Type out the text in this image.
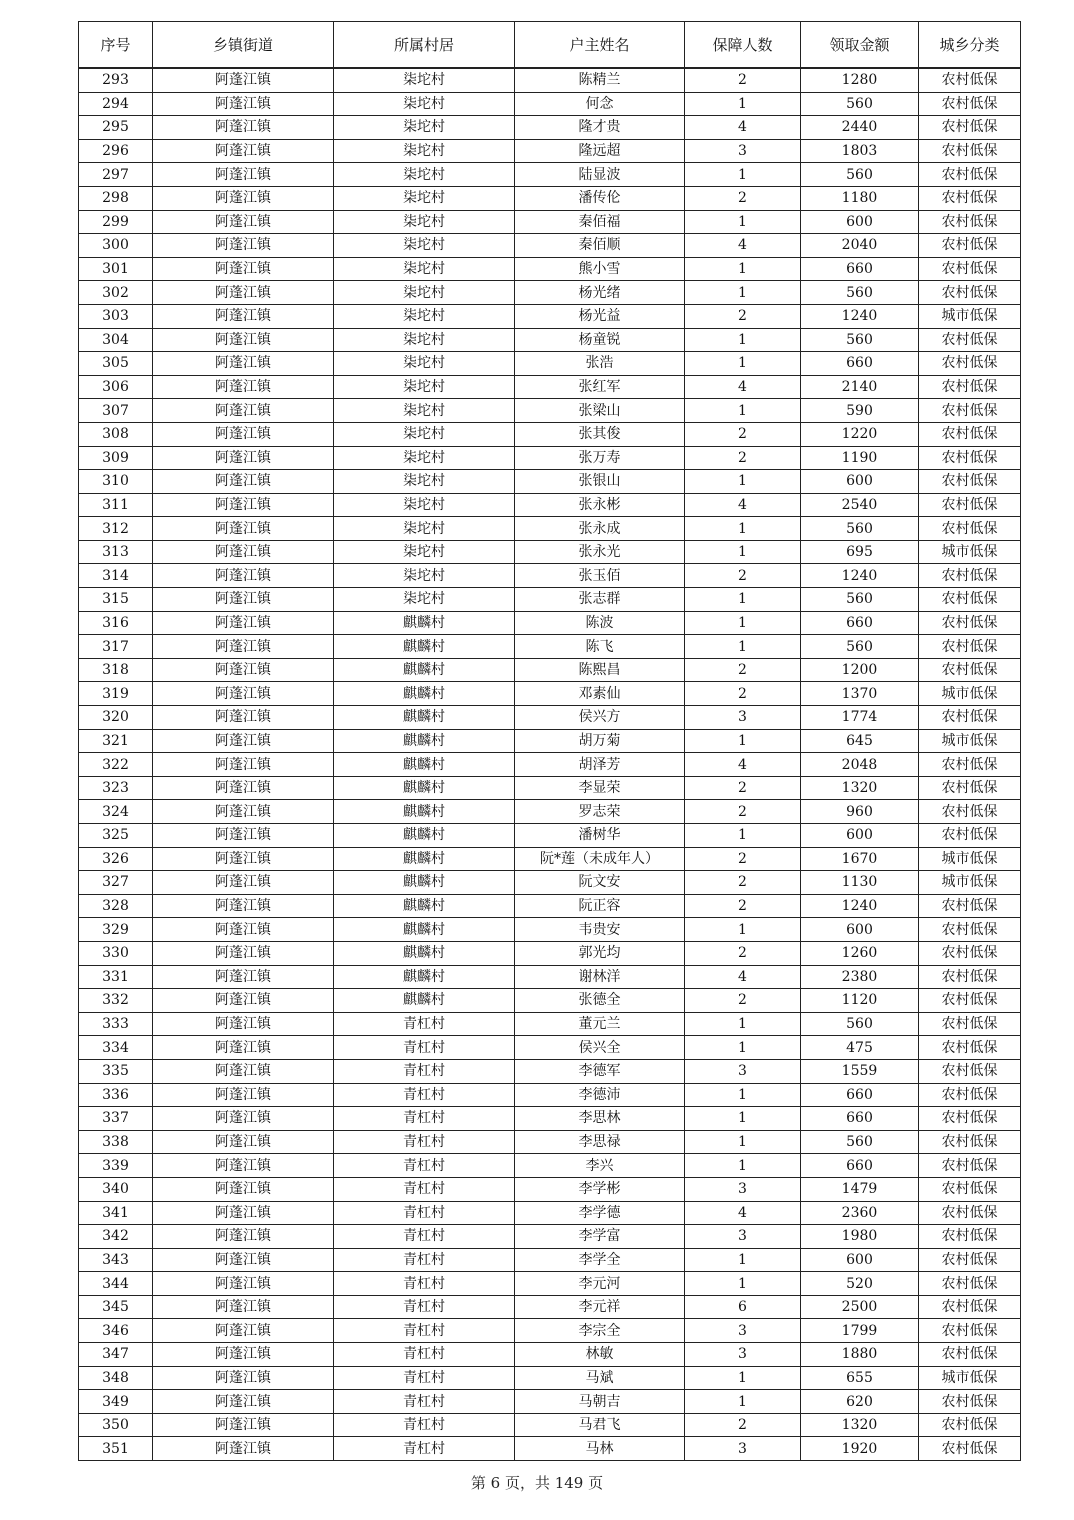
序号	乡镇街道	所属村居	户主姓名	保障人数	领取金额	城乡分类
293	阿蓬江镇	柒坨村	陈精兰	2	1280	农村低保
294	阿蓬江镇	柒坨村	何念	1	560	农村低保
295	阿蓬江镇	柒坨村	隆才贵	4	2440	农村低保
296	阿蓬江镇	柒坨村	隆远超	3	1803	农村低保
297	阿蓬江镇	柒坨村	陆显波	1	560	农村低保
298	阿蓬江镇	柒坨村	潘传伦	2	1180	农村低保
299	阿蓬江镇	柒坨村	秦佰福	1	600	农村低保
300	阿蓬江镇	柒坨村	秦佰顺	4	2040	农村低保
301	阿蓬江镇	柒坨村	熊小雪	1	660	农村低保
302	阿蓬江镇	柒坨村	杨光绪	1	560	农村低保
303	阿蓬江镇	柒坨村	杨光益	2	1240	城市低保
304	阿蓬江镇	柒坨村	杨童锐	1	560	农村低保
305	阿蓬江镇	柒坨村	张浩	1	660	农村低保
306	阿蓬江镇	柒坨村	张红军	4	2140	农村低保
307	阿蓬江镇	柒坨村	张梁山	1	590	农村低保
308	阿蓬江镇	柒坨村	张其俊	2	1220	农村低保
309	阿蓬江镇	柒坨村	张万寿	2	1190	农村低保
310	阿蓬江镇	柒坨村	张银山	1	600	农村低保
311	阿蓬江镇	柒坨村	张永彬	4	2540	农村低保
312	阿蓬江镇	柒坨村	张永成	1	560	农村低保
313	阿蓬江镇	柒坨村	张永光	1	695	城市低保
314	阿蓬江镇	柒坨村	张玉佰	2	1240	农村低保
315	阿蓬江镇	柒坨村	张志群	1	560	农村低保
316	阿蓬江镇	麒麟村	陈波	1	660	农村低保
317	阿蓬江镇	麒麟村	陈飞	1	560	农村低保
318	阿蓬江镇	麒麟村	陈熙昌	2	1200	农村低保
319	阿蓬江镇	麒麟村	邓素仙	2	1370	城市低保
320	阿蓬江镇	麒麟村	侯兴方	3	1774	农村低保
321	阿蓬江镇	麒麟村	胡万菊	1	645	城市低保
322	阿蓬江镇	麒麟村	胡泽芳	4	2048	农村低保
323	阿蓬江镇	麒麟村	李显荣	2	1320	农村低保
324	阿蓬江镇	麒麟村	罗志荣	2	960	农村低保
325	阿蓬江镇	麒麟村	潘树华	1	600	农村低保
326	阿蓬江镇	麒麟村	阮*莲（未成年人）	2	1670	城市低保
327	阿蓬江镇	麒麟村	阮文安	2	1130	城市低保
328	阿蓬江镇	麒麟村	阮正容	2	1240	农村低保
329	阿蓬江镇	麒麟村	韦贵安	1	600	农村低保
330	阿蓬江镇	麒麟村	郭光均	2	1260	农村低保
331	阿蓬江镇	麒麟村	谢林洋	4	2380	农村低保
332	阿蓬江镇	麒麟村	张德全	2	1120	农村低保
333	阿蓬江镇	青杠村	董元兰	1	560	农村低保
334	阿蓬江镇	青杠村	侯兴全	1	475	农村低保
335	阿蓬江镇	青杠村	李德军	3	1559	农村低保
336	阿蓬江镇	青杠村	李德沛	1	660	农村低保
337	阿蓬江镇	青杠村	李思林	1	660	农村低保
338	阿蓬江镇	青杠村	李思禄	1	560	农村低保
339	阿蓬江镇	青杠村	李兴	1	660	农村低保
340	阿蓬江镇	青杠村	李学彬	3	1479	农村低保
341	阿蓬江镇	青杠村	李学德	4	2360	农村低保
342	阿蓬江镇	青杠村	李学富	3	1980	农村低保
343	阿蓬江镇	青杠村	李学全	1	600	农村低保
344	阿蓬江镇	青杠村	李元河	1	520	农村低保
345	阿蓬江镇	青杠村	李元祥	6	2500	农村低保
346	阿蓬江镇	青杠村	李宗全	3	1799	农村低保
347	阿蓬江镇	青杠村	林敏	3	1880	农村低保
348	阿蓬江镇	青杠村	马斌	1	655	城市低保
349	阿蓬江镇	青杠村	马朝吉	1	620	农村低保
350	阿蓬江镇	青杠村	马君飞	2	1320	农村低保
351	阿蓬江镇	青杠村	马林	3	1920	农村低保
第 6 页，共 149 页
